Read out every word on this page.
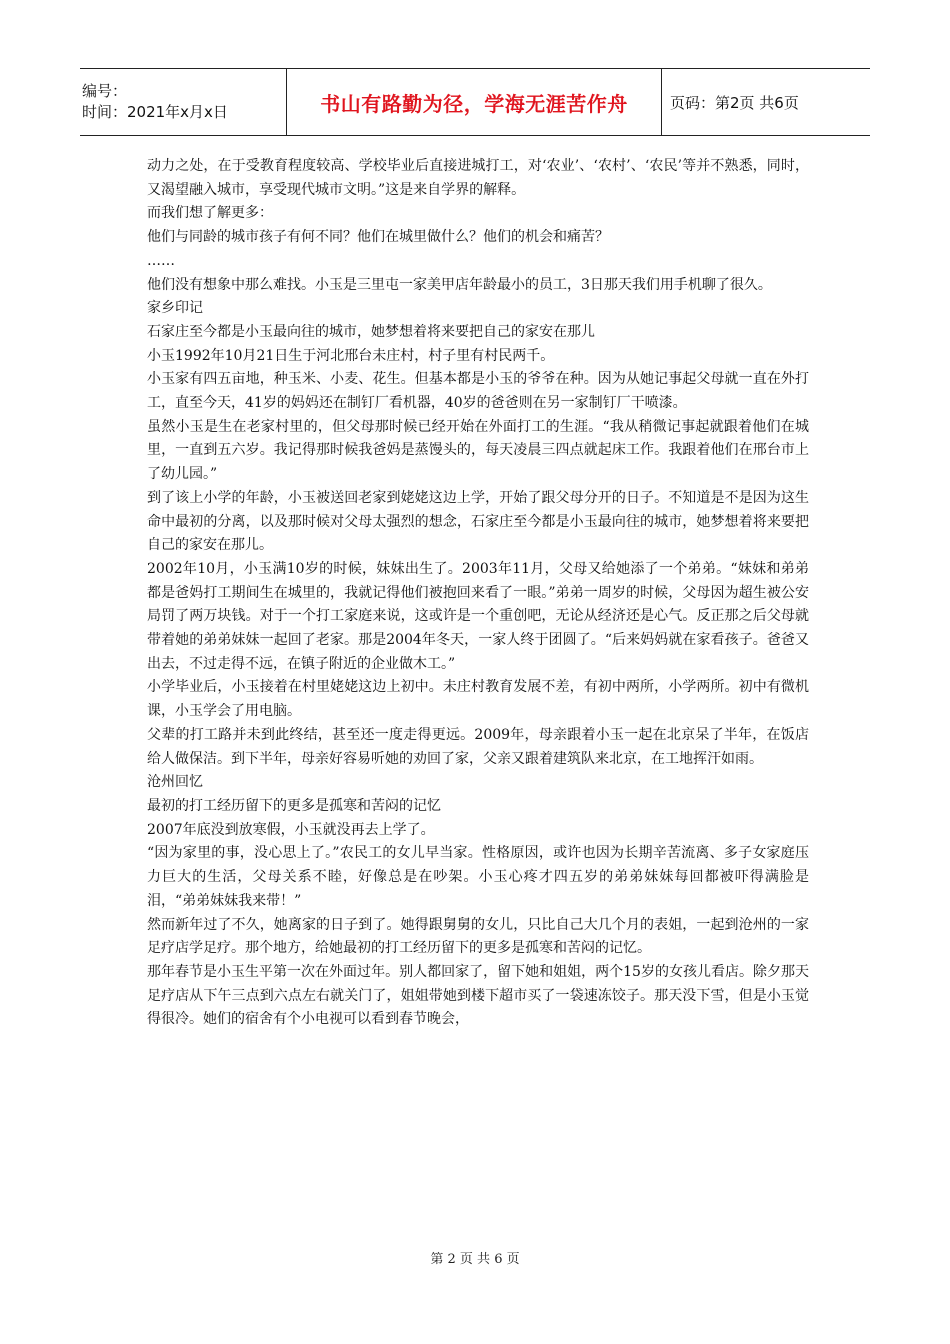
编号：
时间：2021年x月x日	书山有路勤为径，学海无涯苦作舟	页码：第2页 共6页

动力之处，在于受教育程度较高、学校毕业后直接进城打工，对‘农业’、‘农村’、‘农民’等并不熟悉，同时，又渴望融入城市，享受现代城市文明。”这是来自学界的解释。

而我们想了解更多：

他们与同龄的城市孩子有何不同？他们在城里做什么？他们的机会和痛苦？

……

他们没有想象中那么难找。小玉是三里屯一家美甲店年龄最小的员工，3日那天我们用手机聊了很久。

家乡印记

石家庄至今都是小玉最向往的城市，她梦想着将来要把自己的家安在那儿

小玉1992年10月21日生于河北邢台未庄村，村子里有村民两千。

小玉家有四五亩地，种玉米、小麦、花生。但基本都是小玉的爷爷在种。因为从她记事起父母就一直在外打工，直至今天，41岁的妈妈还在制钉厂看机器，40岁的爸爸则在另一家制钉厂干喷漆。

虽然小玉是生在老家村里的，但父母那时候已经开始在外面打工的生涯。“我从稍微记事起就跟着他们在城里，一直到五六岁。我记得那时候我爸妈是蒸馒头的，每天凌晨三四点就起床工作。我跟着他们在邢台市上了幼儿园。”

到了该上小学的年龄，小玉被送回老家到姥姥这边上学，开始了跟父母分开的日子。不知道是不是因为这生命中最初的分离，以及那时候对父母太强烈的想念，石家庄至今都是小玉最向往的城市，她梦想着将来要把自己的家安在那儿。

2002年10月，小玉满10岁的时候，妹妹出生了。2003年11月，父母又给她添了一个弟弟。“妹妹和弟弟都是爸妈打工期间生在城里的，我就记得他们被抱回来看了一眼。”弟弟一周岁的时候，父母因为超生被公安局罚了两万块钱。对于一个打工家庭来说，这或许是一个重创吧，无论从经济还是心气。反正那之后父母就带着她的弟弟妹妹一起回了老家。那是2004年冬天，一家人终于团圆了。“后来妈妈就在家看孩子。爸爸又出去，不过走得不远，在镇子附近的企业做木工。”

小学毕业后，小玉接着在村里姥姥这边上初中。未庄村教育发展不差，有初中两所，小学两所。初中有微机课，小玉学会了用电脑。

父辈的打工路并未到此终结，甚至还一度走得更远。2009年，母亲跟着小玉一起在北京呆了半年，在饭店给人做保洁。到下半年，母亲好容易听她的劝回了家，父亲又跟着建筑队来北京，在工地挥汗如雨。

沧州回忆

最初的打工经历留下的更多是孤寒和苦闷的记忆

2007年底没到放寒假，小玉就没再去上学了。

“因为家里的事，没心思上了。”农民工的女儿早当家。性格原因，或许也因为长期辛苦流离、多子女家庭压力巨大的生活，父母关系不睦，好像总是在吵架。小玉心疼才四五岁的弟弟妹妹每回都被吓得满脸是泪，“弟弟妹妹我来带！”

然而新年过了不久，她离家的日子到了。她得跟舅舅的女儿，只比自己大几个月的表姐，一起到沧州的一家足疗店学足疗。那个地方，给她最初的打工经历留下的更多是孤寒和苦闷的记忆。

那年春节是小玉生平第一次在外面过年。别人都回家了，留下她和姐姐，两个15岁的女孩儿看店。除夕那天足疗店从下午三点到六点左右就关门了，姐姐带她到楼下超市买了一袋速冻饺子。那天没下雪，但是小玉觉得很冷。她们的宿舍有个小电视可以看到春节晚会，

第 2 页 共 6 页
